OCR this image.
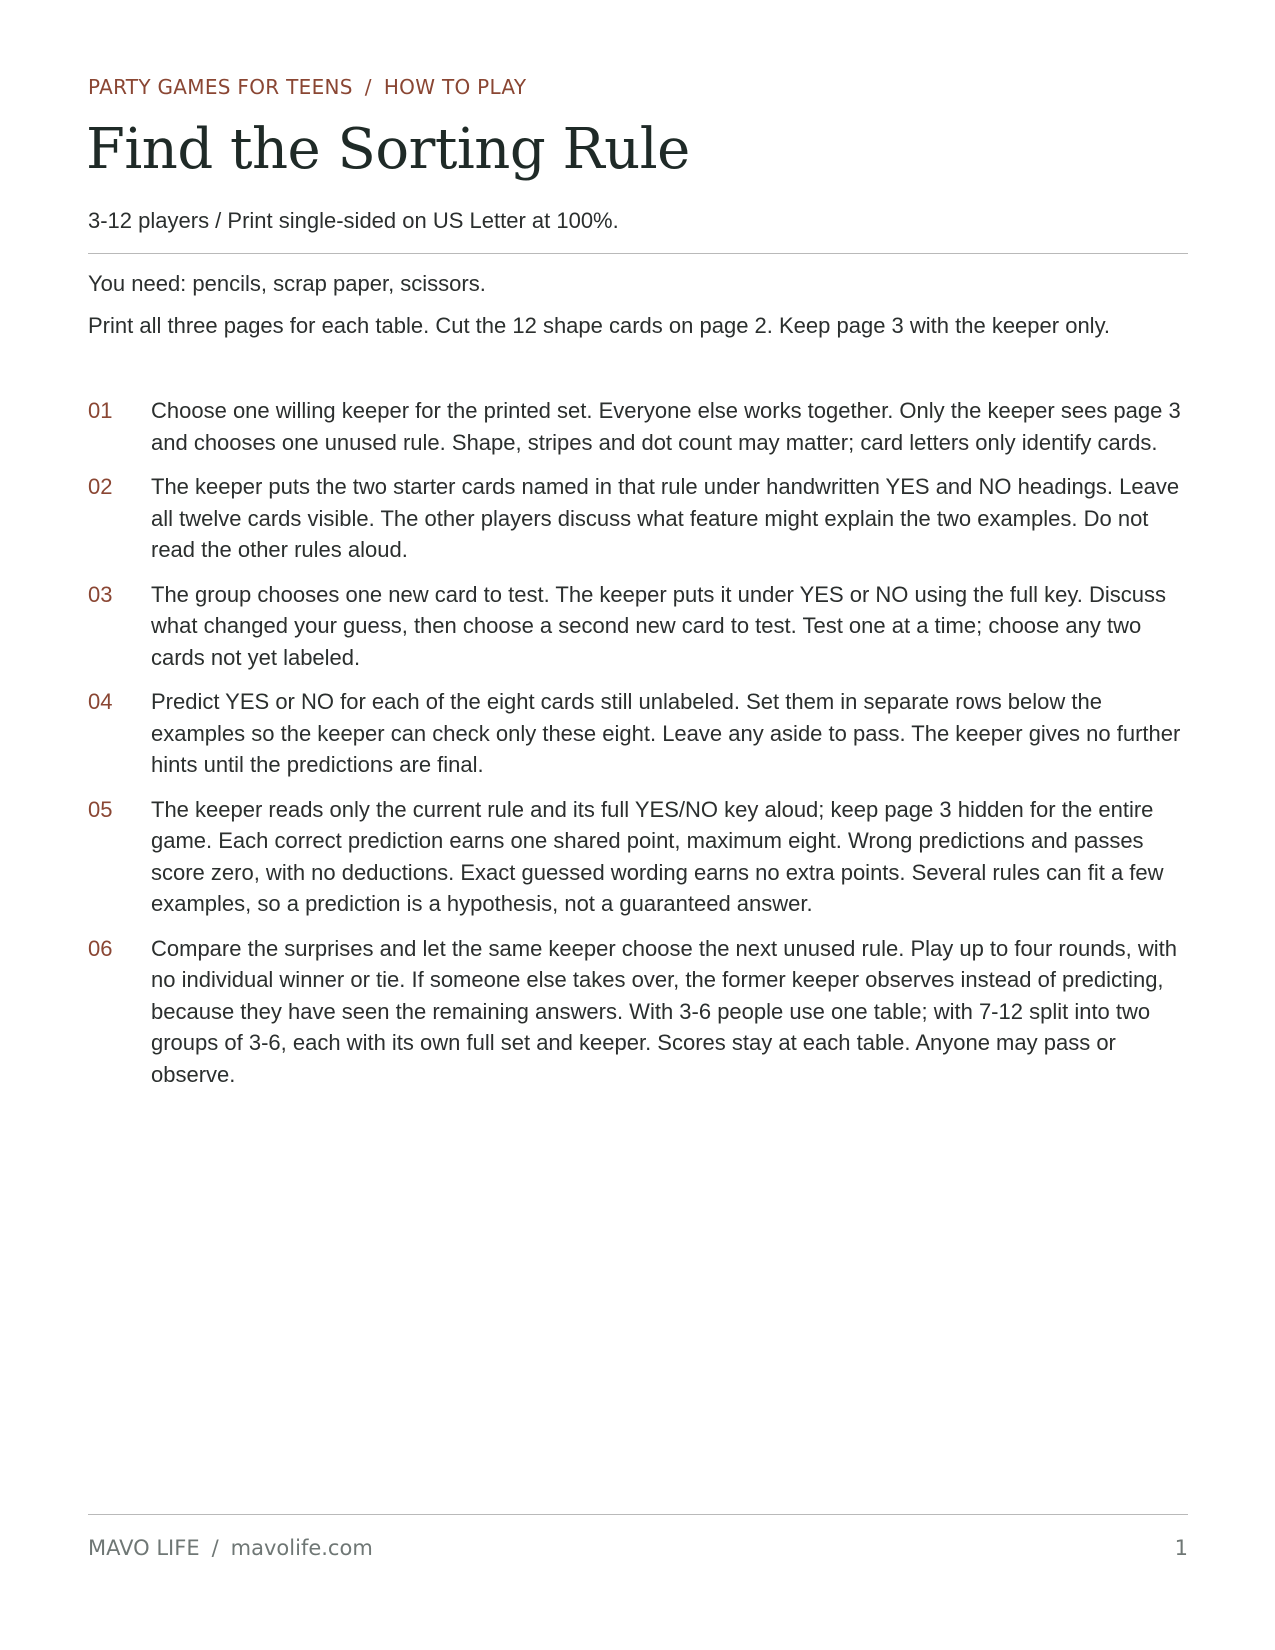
PARTY GAMES FOR TEENS / HOW TO PLAY
Find the Sorting Rule
3-12 players / Print single-sided on US Letter at 100%.

You need: pencils, scrap paper, scissors.

Print all three pages for each table. Cut the 12 shape cards on page 2. Keep page 3 with the keeper only.

01 Choose one willing keeper for the printed set. Everyone else works together. Only the keeper sees page 3 and chooses one unused rule. Shape, stripes and dot count may matter; card letters only identify cards.
02 The keeper puts the two starter cards named in that rule under handwritten YES and NO headings. Leave all twelve cards visible. The other players discuss what feature might explain the two examples. Do not read the other rules aloud.
03 The group chooses one new card to test. The keeper puts it under YES or NO using the full key. Discuss what changed your guess, then choose a second new card to test. Test one at a time; choose any two cards not yet labeled.
04 Predict YES or NO for each of the eight cards still unlabeled. Set them in separate rows below the examples so the keeper can check only these eight. Leave any aside to pass. The keeper gives no further hints until the predictions are final.
05 The keeper reads only the current rule and its full YES/NO key aloud; keep page 3 hidden for the entire game. Each correct prediction earns one shared point, maximum eight. Wrong predictions and passes score zero, with no deductions. Exact guessed wording earns no extra points. Several rules can fit a few examples, so a prediction is a hypothesis, not a guaranteed answer.
06 Compare the surprises and let the same keeper choose the next unused rule. Play up to four rounds, with no individual winner or tie. If someone else takes over, the former keeper observes instead of predicting, because they have seen the remaining answers. With 3-6 people use one table; with 7-12 split into two groups of 3-6, each with its own full set and keeper. Scores stay at each table. Anyone may pass or observe.
MAVO LIFE / mavolife.com	1
